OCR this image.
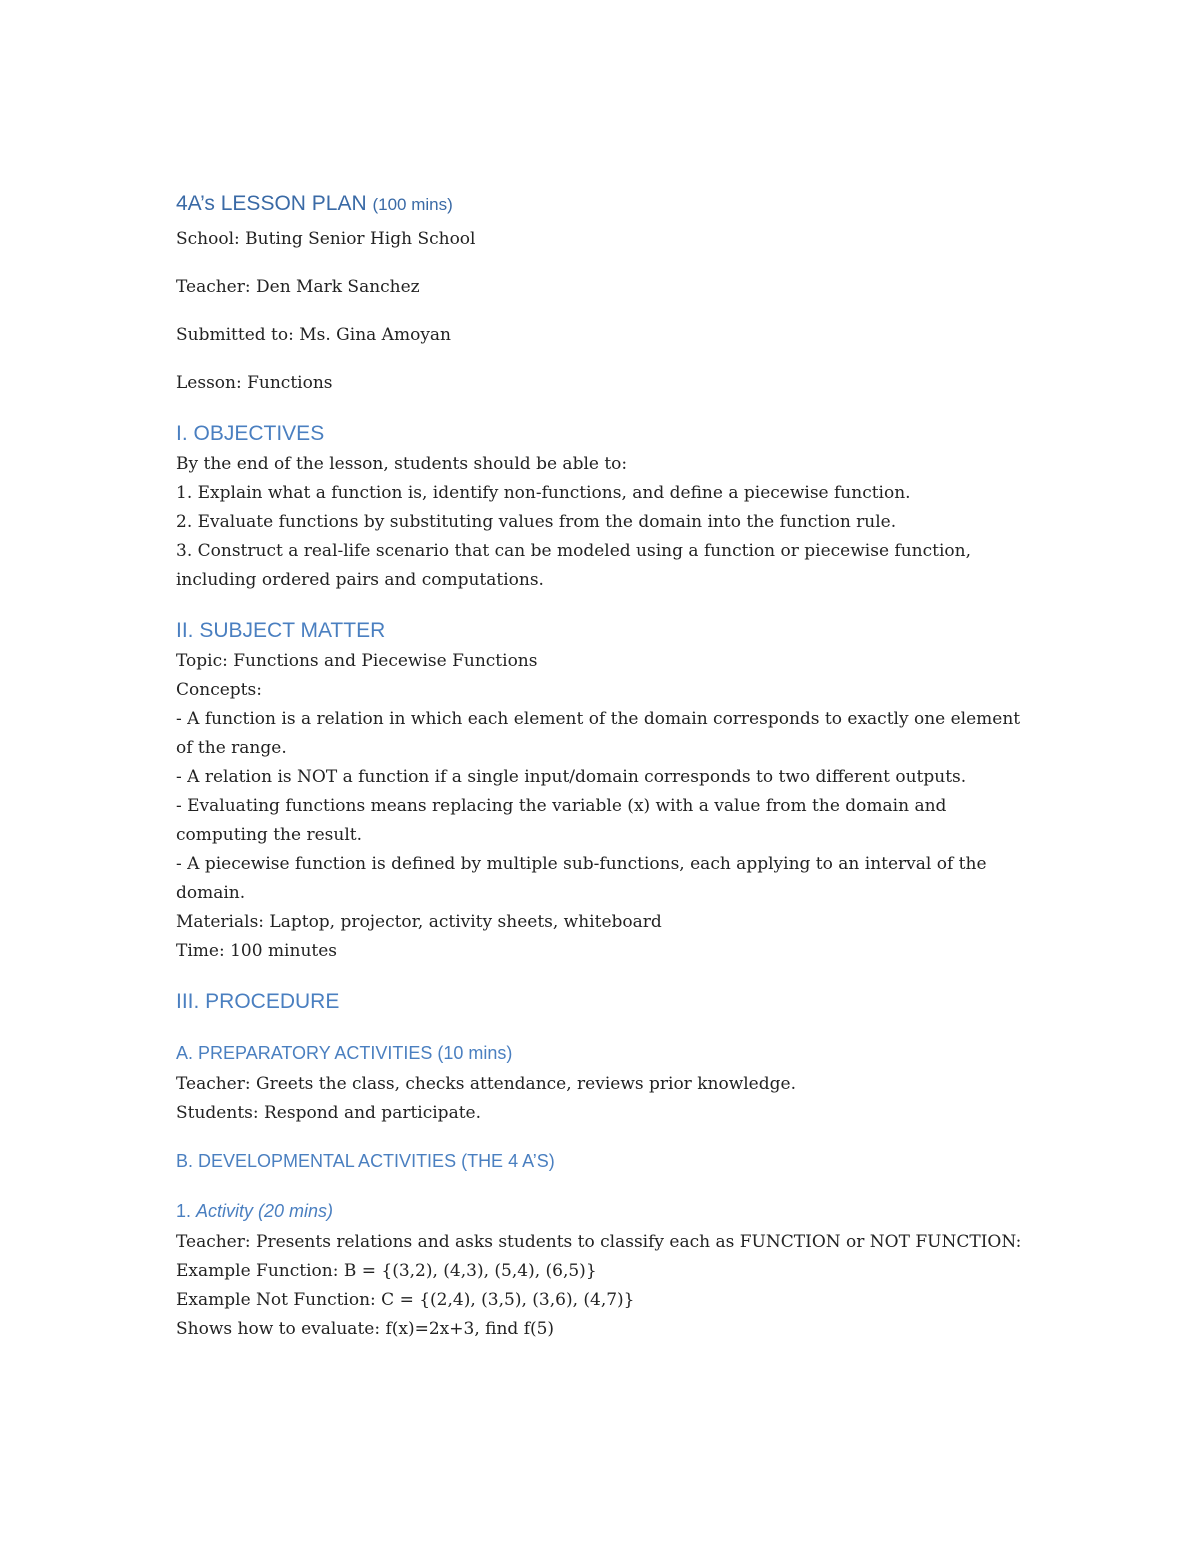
4A’s LESSON PLAN (100 mins)

School: Buting Senior High School

Teacher: Den Mark Sanchez

Submitted to: Ms. Gina Amoyan

Lesson: Functions

I. OBJECTIVES

By the end of the lesson, students should be able to:

1. Explain what a function is, identify non-functions, and define a piecewise function.

2. Evaluate functions by substituting values from the domain into the function rule.

3. Construct a real-life scenario that can be modeled using a function or piecewise function, including ordered pairs and computations.

II. SUBJECT MATTER

Topic: Functions and Piecewise Functions

Concepts:

- A function is a relation in which each element of the domain corresponds to exactly one element of the range.

- A relation is NOT a function if a single input/domain corresponds to two different outputs.

- Evaluating functions means replacing the variable (x) with a value from the domain and computing the result.

- A piecewise function is defined by multiple sub-functions, each applying to an interval of the domain.

Materials: Laptop, projector, activity sheets, whiteboard

Time: 100 minutes

III. PROCEDURE
A. PREPARATORY ACTIVITIES (10 mins)

Teacher: Greets the class, checks attendance, reviews prior knowledge.

Students: Respond and participate.

B. DEVELOPMENTAL ACTIVITIES (THE 4 A’S)
1. Activity (20 mins)

Teacher: Presents relations and asks students to classify each as FUNCTION or NOT FUNCTION:

Example Function: B = {(3,2), (4,3), (5,4), (6,5)}

Example Not Function: C = {(2,4), (3,5), (3,6), (4,7)}

Shows how to evaluate: f(x)=2x+3, find f(5)
